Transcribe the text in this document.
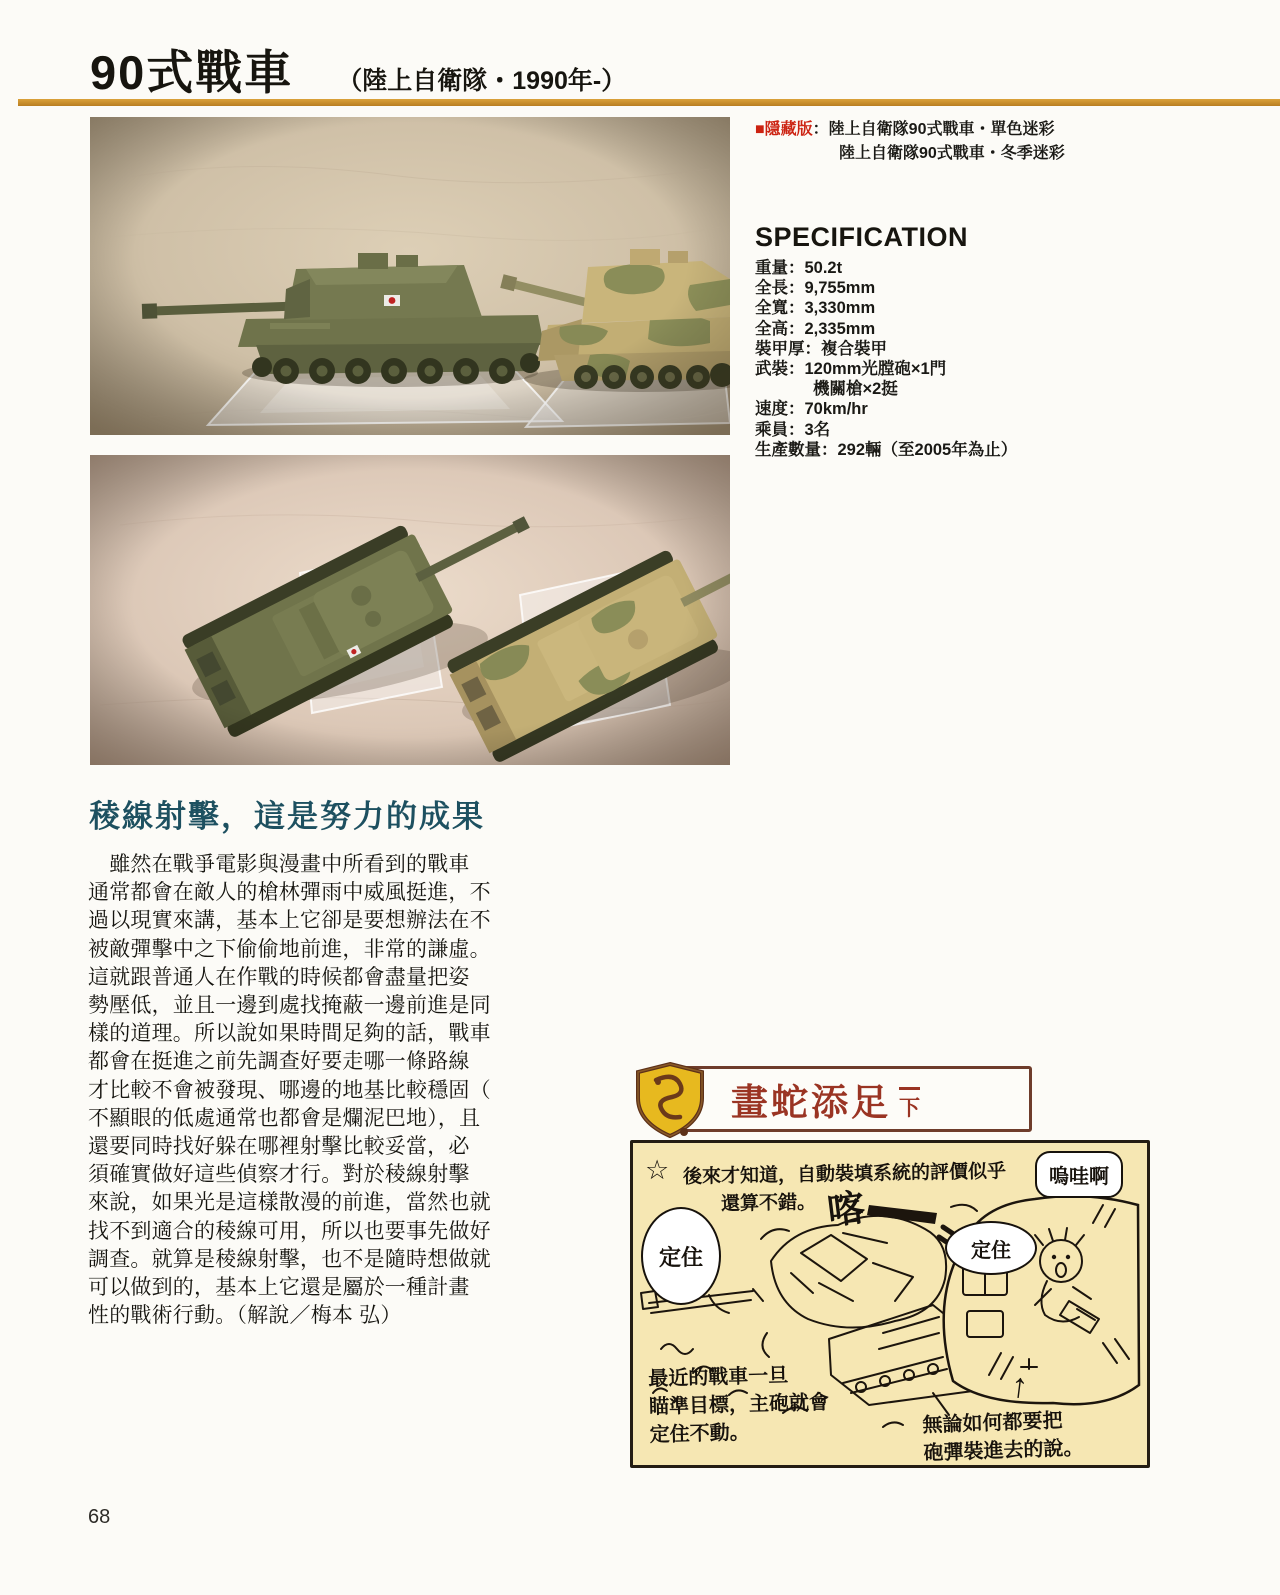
90式戰車 （陸上自衛隊・1990年-）
■隱藏版：陸上自衛隊90式戰車・單色迷彩
陸上自衛隊90式戰車・冬季迷彩
SPECIFICATION
重量：50.2t
全長：9,755mm
全寬：3,330mm
全高：2,335mm
裝甲厚：複合裝甲
武裝：120mm光膛砲×1門
機關槍×2挺
速度：70km/hr
乘員：3名
生產數量：292輛（至2005年為止）
稜線射擊，這是努力的成果
　雖然在戰爭電影與漫畫中所看到的戰車
通常都會在敵人的槍林彈雨中威風挺進，不
過以現實來講，基本上它卻是要想辦法在不
被敵彈擊中之下偷偷地前進，非常的謙虛。
這就跟普通人在作戰的時候都會盡量把姿
勢壓低，並且一邊到處找掩蔽一邊前進是同
樣的道理。所以說如果時間足夠的話，戰車
都會在挺進之前先調查好要走哪一條路線
才比較不會被發現、哪邊的地基比較穩固（
不顯眼的低處通常也都會是爛泥巴地），且
還要同時找好躲在哪裡射擊比較妥當，必
須確實做好這些偵察才行。對於稜線射擊
來說，如果光是這樣散漫的前進，當然也就
找不到適合的稜線可用，所以也要事先做好
調查。就算是稜線射擊，也不是隨時想做就
可以做到的，基本上它還是屬於一種計畫
性的戰術行動。（解說／梅本 弘）
畫蛇添足 下
☆ 後來才知道，自動裝填系統的評價似乎
還算不錯。 喀
定住	定住
嗚哇啊
最近的戰車一旦
瞄準目標，主砲就會
定住不動。	無論如何都要把
砲彈裝進去的說。
↑
68
